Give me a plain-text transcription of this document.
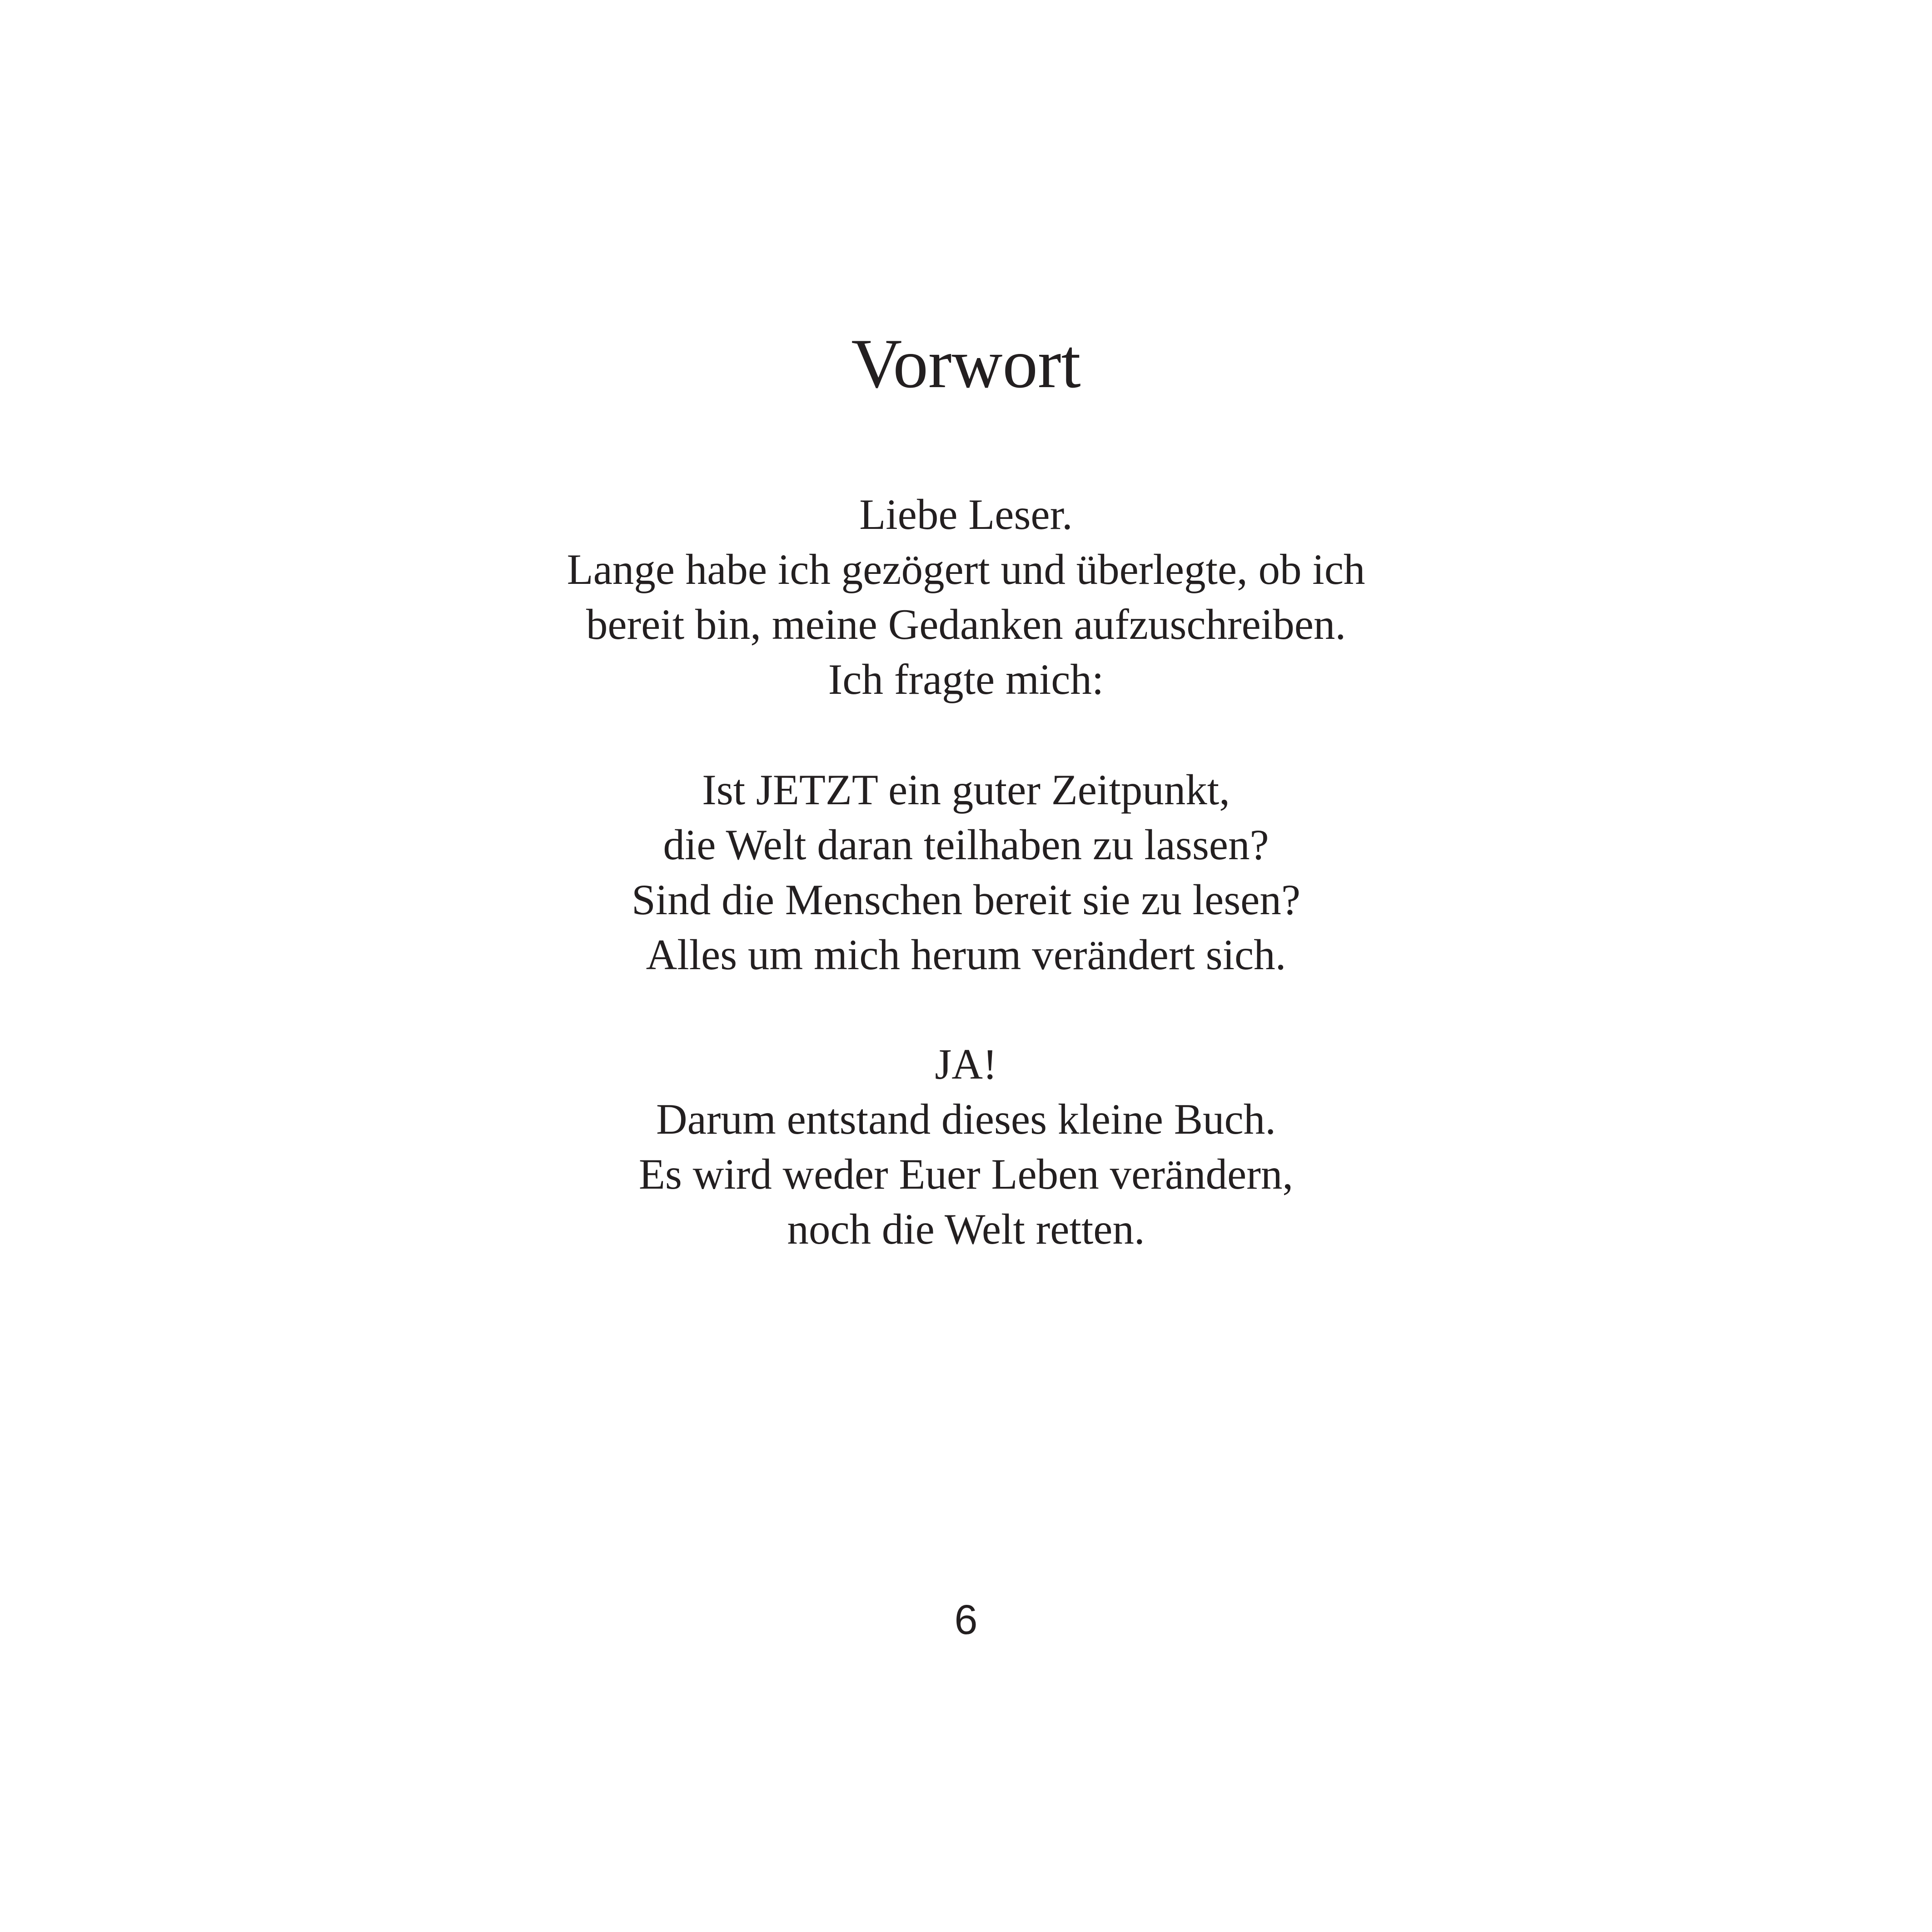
Vorwort

Liebe Leser.
Lange habe ich gezögert und überlegte, ob ich
bereit bin, meine Gedanken aufzuschreiben.
Ich fragte mich:

Ist JETZT ein guter Zeitpunkt,
die Welt daran teilhaben zu lassen?
Sind die Menschen bereit sie zu lesen?
Alles um mich herum verändert sich.

JA!
Darum entstand dieses kleine Buch.
Es wird weder Euer Leben verändern,
noch die Welt retten.

6
